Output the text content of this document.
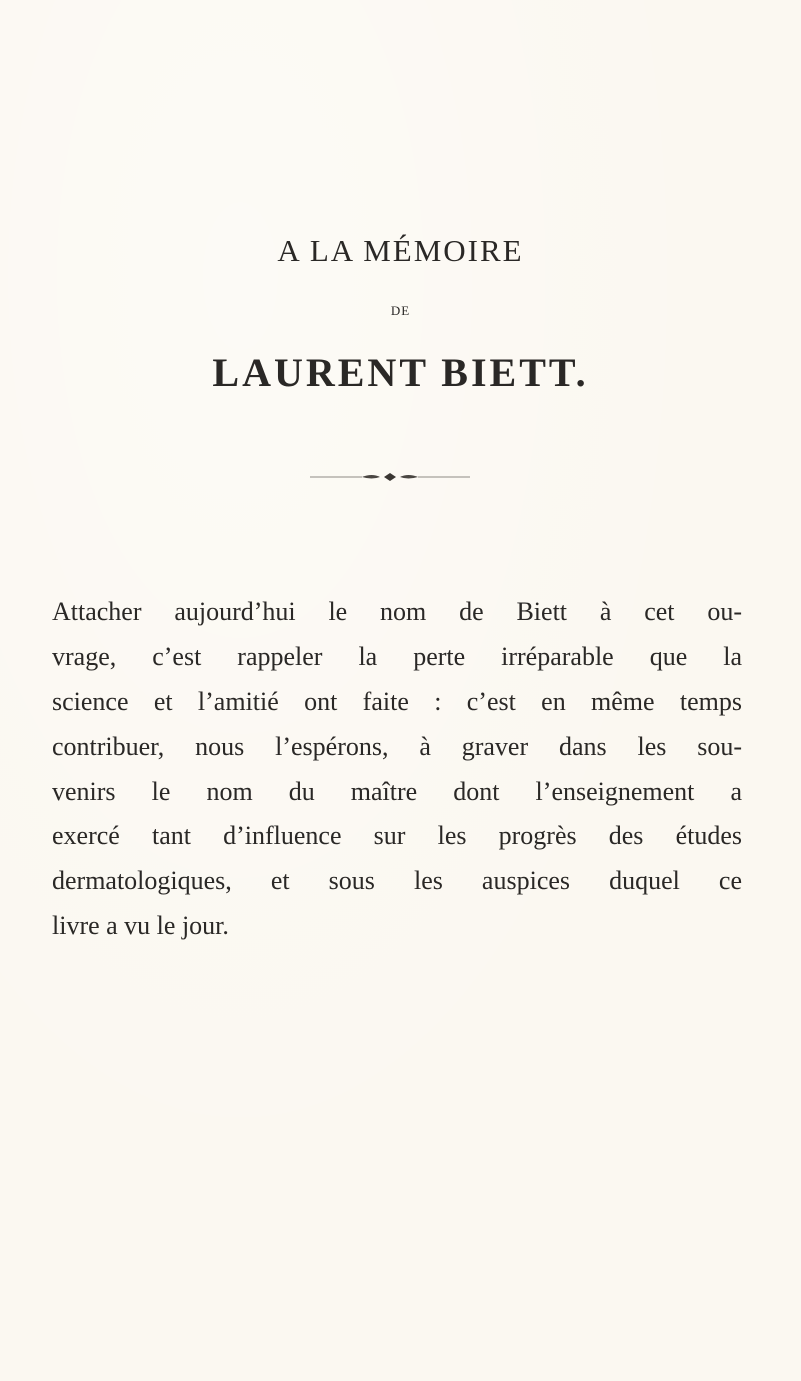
A LA MÉMOIRE
DE
LAURENT BIETT.
Attacher aujourd’hui le nom de Biett à cet ou-
vrage, c’est rappeler la perte irréparable que la
science et l’amitié ont faite : c’est en même temps
contribuer, nous l’espérons, à graver dans les sou-
venirs le nom du maître dont l’enseignement a
exercé tant d’influence sur les progrès des études
dermatologiques, et sous les auspices duquel ce
livre a vu le jour.
